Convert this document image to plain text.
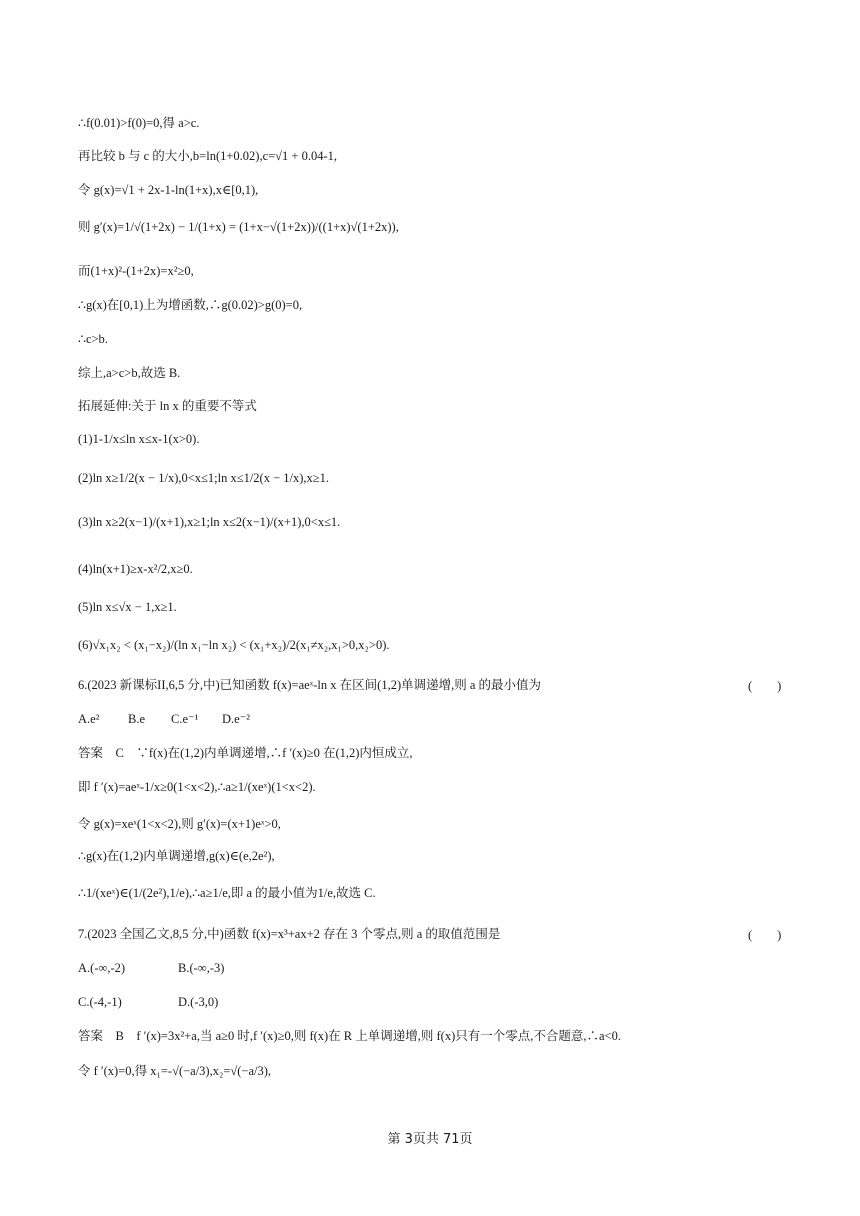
∴f(0.01)>f(0)=0,得 a>c.
再比较 b 与 c 的大小,b=ln(1+0.02),c=√1 + 0.04-1,
令 g(x)=√1 + 2x-1-ln(1+x),x∈[0,1),
则 g′(x)=1/√(1+2x) − 1/(1+x) = (1+x−√(1+2x))/((1+x)√(1+2x)),
而(1+x)²-(1+2x)=x²≥0,
∴g(x)在[0,1)上为增函数,∴g(0.02)>g(0)=0,
∴c>b.
综上,a>c>b,故选 B.
拓展延伸:关于 ln x 的重要不等式
(1)1-1/x≤ln x≤x-1(x>0).
(2)ln x≥1/2(x − 1/x),0<x≤1;ln x≤1/2(x − 1/x),x≥1.
(3)ln x≥2(x−1)/(x+1),x≥1;ln x≤2(x−1)/(x+1),0<x≤1.
(4)ln(x+1)≥x-x²/2,x≥0.
(5)ln x≤√x − 1,x≥1.
(6)√x₁x₂ < (x₁−x₂)/(ln x₁−ln x₂) < (x₁+x₂)/2(x₁≠x₂,x₁>0,x₂>0).
6.(2023 新课标II,6,5 分,中)已知函数 f(x)=aeˣ-ln x 在区间(1,2)单调递增,则 a 的最小值为	(　　)
A.e² B.e C.e⁻¹ D.e⁻²
答案　C　∵f(x)在(1,2)内单调递增,∴f ′(x)≥0 在(1,2)内恒成立,
即 f ′(x)=aeˣ-1/x≥0(1<x<2),∴a≥1/(xeˣ)(1<x<2).
令 g(x)=xeˣ(1<x<2),则 g′(x)=(x+1)eˣ>0,
∴g(x)在(1,2)内单调递增,g(x)∈(e,2e²),
∴1/(xeˣ)∈(1/(2e²),1/e),∴a≥1/e,即 a 的最小值为1/e,故选 C.
7.(2023 全国乙文,8,5 分,中)函数 f(x)=x³+ax+2 存在 3 个零点,则 a 的取值范围是	(　　)
A.(-∞,-2)	B.(-∞,-3)
C.(-4,-1)	D.(-3,0)
答案　B　f ′(x)=3x²+a,当 a≥0 时,f ′(x)≥0,则 f(x)在 R 上单调递增,则 f(x)只有一个零点,不合题意,∴a<0.
令 f ′(x)=0,得 x₁=-√(−a/3),x₂=√(−a/3),
第 3页共 71页
